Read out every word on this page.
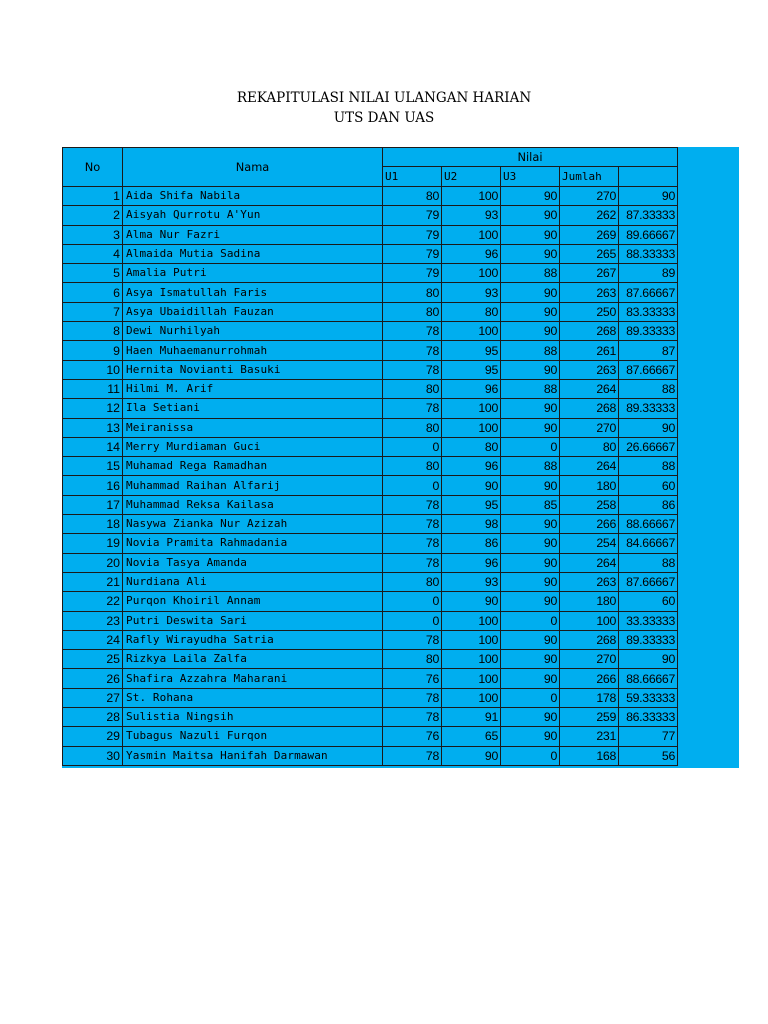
REKAPITULASI NILAI ULANGAN HARIAN
UTS DAN UAS
No	Nama	Nilai				
		U1	U2	U3	Jumlah	
1	Aida Shifa Nabila	80	100	90	270	90
2	Aisyah Qurrotu A'Yun	79	93	90	262	87.33333
3	Alma Nur Fazri	79	100	90	269	89.66667
4	Almaida Mutia Sadina	79	96	90	265	88.33333
5	Amalia Putri	79	100	88	267	89
6	Asya Ismatullah Faris	80	93	90	263	87.66667
7	Asya Ubaidillah Fauzan	80	80	90	250	83.33333
8	Dewi Nurhilyah	78	100	90	268	89.33333
9	Haen Muhaemanurrohmah	78	95	88	261	87
10	Hernita Novianti Basuki	78	95	90	263	87.66667
11	Hilmi M. Arif	80	96	88	264	88
12	Ila Setiani	78	100	90	268	89.33333
13	Meiranissa	80	100	90	270	90
14	Merry Murdiaman Guci	0	80	0	80	26.66667
15	Muhamad Rega Ramadhan	80	96	88	264	88
16	Muhammad Raihan Alfarij	0	90	90	180	60
17	Muhammad Reksa Kailasa	78	95	85	258	86
18	Nasywa Zianka Nur Azizah	78	98	90	266	88.66667
19	Novia Pramita Rahmadania	78	86	90	254	84.66667
20	Novia Tasya Amanda	78	96	90	264	88
21	Nurdiana Ali	80	93	90	263	87.66667
22	Purqon Khoiril Annam	0	90	90	180	60
23	Putri Deswita Sari	0	100	0	100	33.33333
24	Rafly Wirayudha Satria	78	100	90	268	89.33333
25	Rizkya Laila Zalfa	80	100	90	270	90
26	Shafira Azzahra Maharani	76	100	90	266	88.66667
27	St. Rohana	78	100	0	178	59.33333
28	Sulistia Ningsih	78	91	90	259	86.33333
29	Tubagus Nazuli Furqon	76	65	90	231	77
30	Yasmin Maitsa Hanifah Darmawan	78	90	0	168	56
